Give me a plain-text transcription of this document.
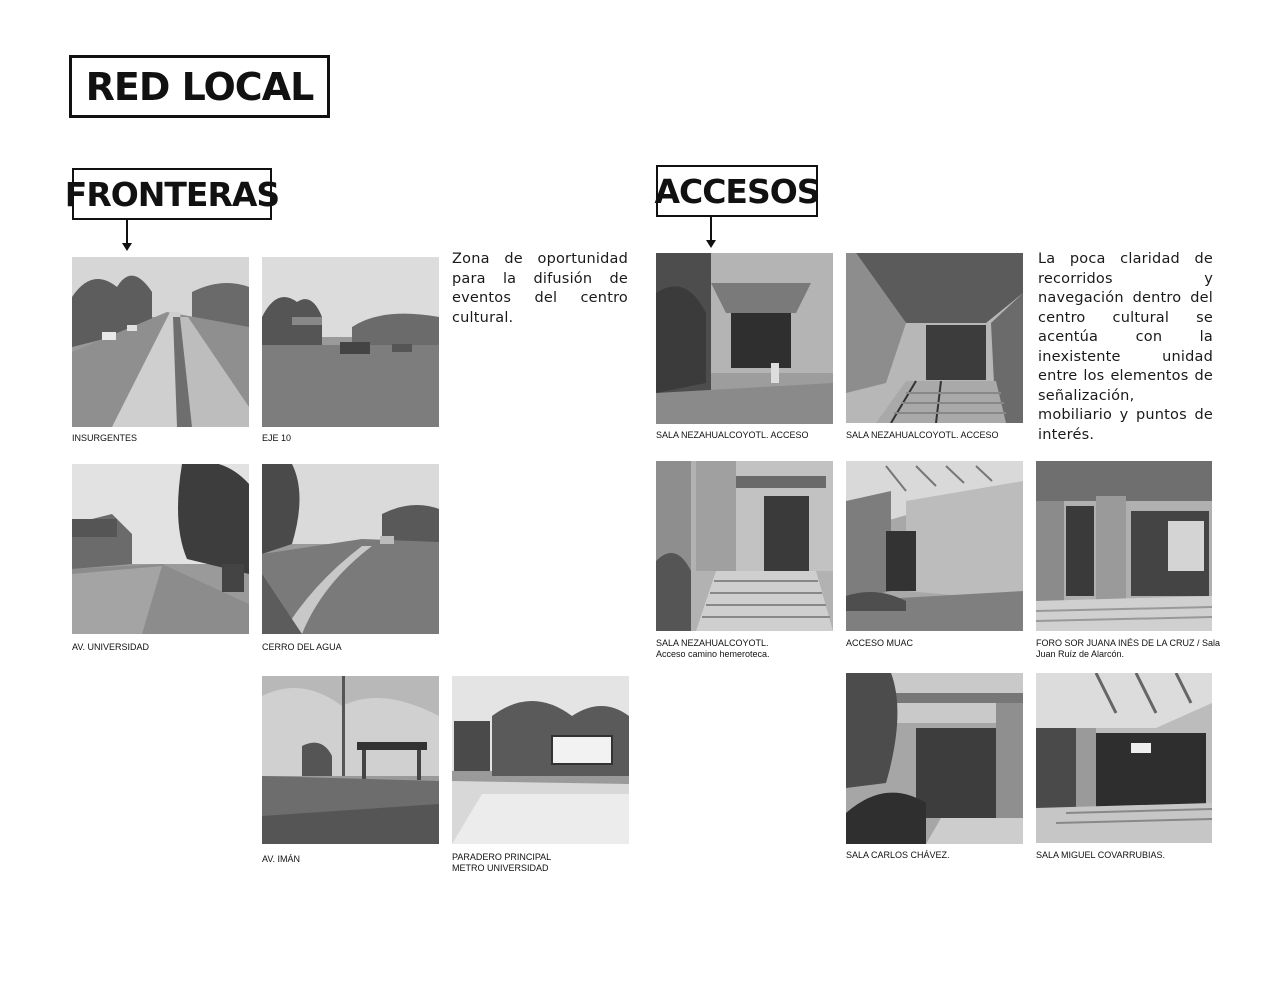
RED LOCAL
FRONTERAS	ACCESOS
Zona de oportunidad para la difusión de eventos del centro cultural.
La poca claridad de recorridos y navegación dentro del centro cultural se acentúa con la inexistente unidad entre los elementos de señalización, mobiliario y puntos de interés.
INSURGENTES	EJE 10
AV. UNIVERSIDAD	CERRO DEL AGUA
AV. IMÁN	PARADERO PRINCIPAL
METRO UNIVERSIDAD
SALA NEZAHUALCOYOTL. ACCESO	SALA NEZAHUALCOYOTL. ACCESO
SALA NEZAHUALCOYOTL.
Acceso camino hemeroteca.
ACCESO MUAC	FORO SOR JUANA INÉS DE LA CRUZ / Sala
Juan Ruíz de Alarcón.
SALA CARLOS CHÁVEZ.	SALA MIGUEL COVARRUBIAS.
